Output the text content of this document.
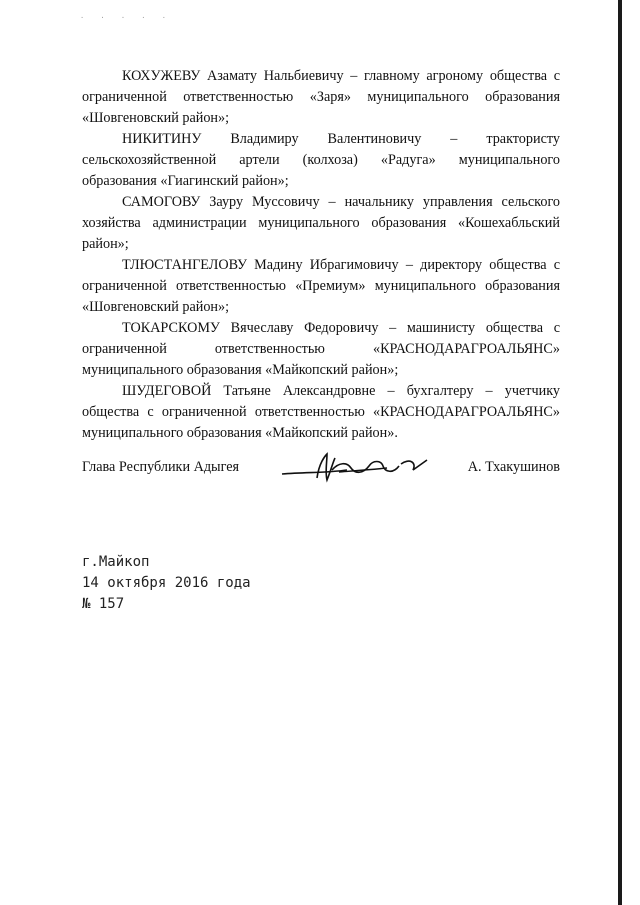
· · · · ·

КОХУЖЕВУ Азамату Нальбиевичу – главному агроному общества с ограниченной ответственностью «Заря» муниципального образования «Шовгеновский район»;

НИКИТИНУ Владимиру Валентиновичу – трактористу сельскохозяйственной артели (колхоза) «Радуга» муниципального образования «Гиагинский район»;

САМОГОВУ Зауру Муссовичу – начальнику управления сельского хозяйства администрации муниципального образования «Кошехабльский район»;

ТЛЮСТАНГЕЛОВУ Мадину Ибрагимовичу – директору общества с ограниченной ответственностью «Премиум» муниципального образования «Шовгеновский район»;

ТОКАРСКОМУ Вячеславу Федоровичу – машинисту общества с ограниченной ответственностью «КРАСНОДАРАГРОАЛЬЯНС» муниципального образования «Майкопский район»;

ШУДЕГОВОЙ Татьяне Александровне – бухгалтеру – учетчику общества с ограниченной ответственностью «КРАСНОДАРАГРОАЛЬЯНС» муниципального образования «Майкопский район».

Глава Республики Адыгея	А. Тхакушинов
г.Майкоп
14 октября 2016 года
№ 157
